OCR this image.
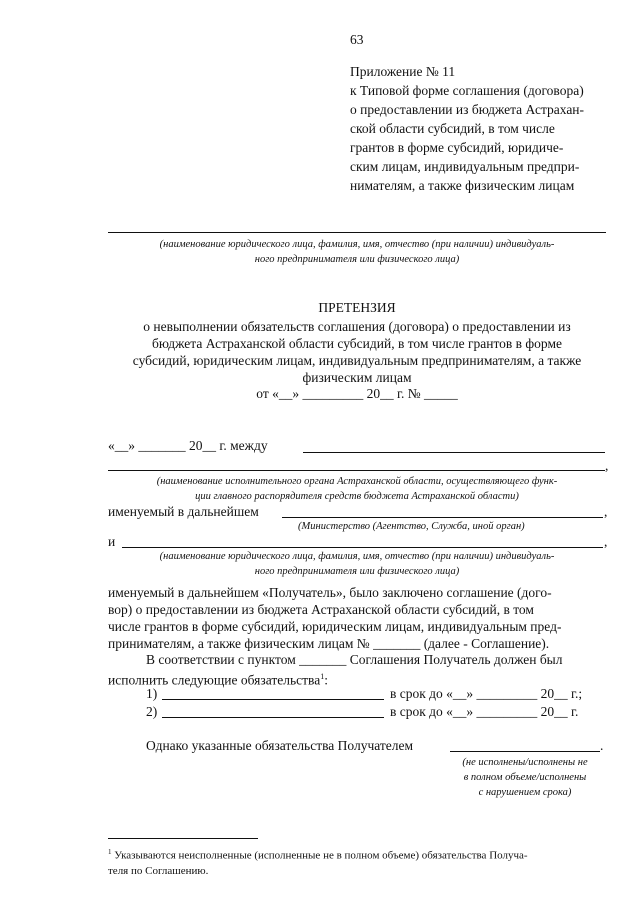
63
Приложение № 11
к Типовой форме соглашения (договора)
о предоставлении из бюджета Астрахан-
ской области субсидий, в том числе
грантов в форме субсидий, юридиче-
ским лицам, индивидуальным предпри-
нимателям, а также физическим лицам
(наименование юридического лица, фамилия, имя, отчество (при наличии) индивидуаль-
ного предпринимателя или физического лица)
ПРЕТЕНЗИЯ
о невыполнении обязательств соглашения (договора) о предоставлении из
бюджета Астраханской области субсидий, в том числе грантов в форме
субсидий, юридическим лицам, индивидуальным предпринимателям, а также
физическим лицам
от «__» _________ 20__ г. № _____
«__» _______ 20__ г. между
,
(наименование исполнительного органа Астраханской области, осуществляющего функ-
ции главного распорядителя средств бюджета Астраханской области)
именуемый в дальнейшем	,
(Министерство (Агентство, Служба, иной орган)
и	,
(наименование юридического лица, фамилия, имя, отчество (при наличии) индивидуаль-
ного предпринимателя или физического лица)
именуемый в дальнейшем «Получатель», было заключено соглашение (дого-
вор) о предоставлении из бюджета Астраханской области субсидий, в том
числе грантов в форме субсидий, юридическим лицам, индивидуальным пред-
принимателям, а также физическим лицам № _______ (далее - Соглашение).
В соответствии с пунктом _______ Соглашения Получатель должен был
исполнить следующие обязательства$^1$:
1)	в срок до «__» _________ 20__ г.;
2)	в срок до «__» _________ 20__ г.
Однако указанные обязательства Получателем	.
(не исполнены/исполнены не
в полном объеме/исполнены
с нарушением срока)
$^1$ Указываются неисполненные (исполненные не в полном объеме) обязательства Получа-
теля по Соглашению.
